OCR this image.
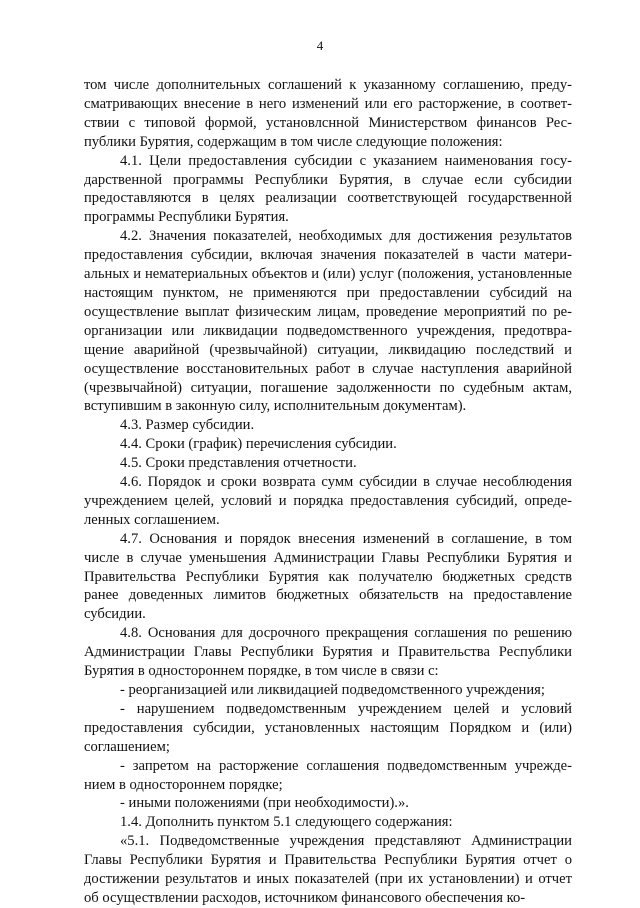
4

том числе дополнительных соглашений к указанному соглашению, предусматривающих внесение в него изменений или его расторжение, в соответствии с типовой формой, установлснной Министерством финансов Республики Бурятия, содержащим в том числе следующие положения:

4.1. Цели предоставления субсидии с указанием наименования государственной программы Республики Бурятия, в случае если субсидии предоставляются в целях реализации соответствующей государственной программы Республики Бурятия.

4.2. Значения показателей, необходимых для достижения результатов предоставления субсидии, включая значения показателей в части материальных и нематериальных объектов и (или) услуг (положения, установленные настоящим пунктом, не применяются при предоставлении субсидий на осуществление выплат физическим лицам, проведение мероприятий по реорганизации или ликвидации подведомственного учреждения, предотвращение аварийной (чрезвычайной) ситуации, ликвидацию последствий и осуществление восстановительных работ в случае наступления аварийной (чрезвычайной) ситуации, погашение задолженности по судебным актам, вступившим в законную силу, исполнительным документам).

4.3. Размер субсидии.

4.4. Сроки (график) перечисления субсидии.

4.5. Сроки представления отчетности.

4.6. Порядок и сроки возврата сумм субсидии в случае несоблюдения учреждением целей, условий и порядка предоставления субсидий, определенных соглашением.

4.7. Основания и порядок внесения изменений в соглашение, в том числе в случае уменьшения Администрации Главы Республики Бурятия и Правительства Республики Бурятия как получателю бюджетных средств ранее доведенных лимитов бюджетных обязательств на предоставление субсидии.

4.8. Основания для досрочного прекращения соглашения по решению Администрации Главы Республики Бурятия и Правительства Республики Бурятия в одностороннем порядке, в том числе в связи с:

- реорганизацией или ликвидацией подведомственного учреждения;

- нарушением подведомственным учреждением целей и условий предоставления субсидии, установленных настоящим Порядком и (или) соглашением;

- запретом на расторжение соглашения подведомственным учреждением в одностороннем порядке;

- иными положениями (при необходимости).».

1.4. Дополнить пунктом 5.1 следующего содержания:

«5.1. Подведомственные учреждения представляют Администрации Главы Республики Бурятия и Правительства Республики Бурятия отчет о достижении результатов и иных показателей (при их установлении) и отчет об осуществлении расходов, источником финансового обеспечения ко-
